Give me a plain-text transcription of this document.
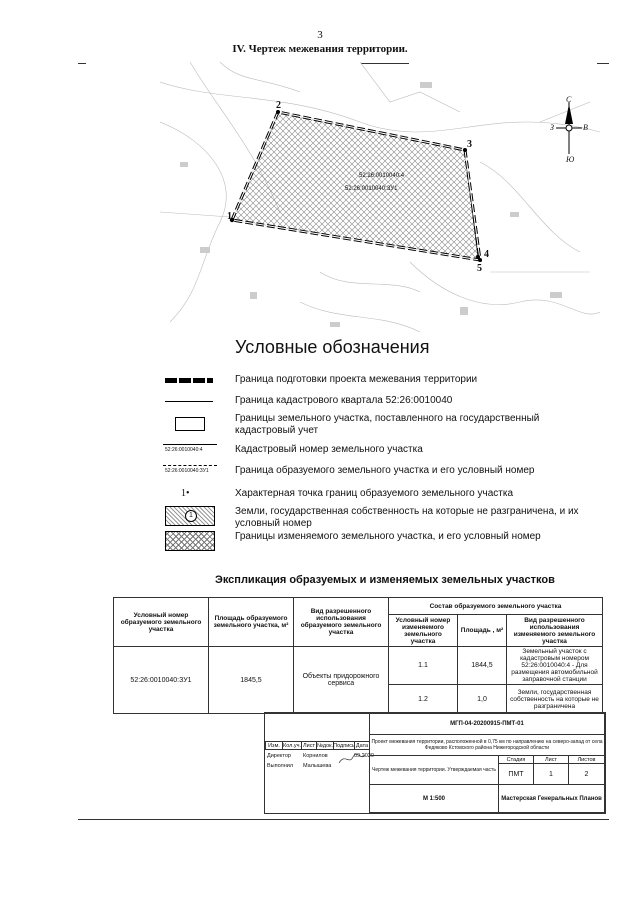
3
IV. Чертеж межевания территории.
1
2
3
4
5
52:26:0010040:4
52:26:0010040:ЗУ1
С
З	В
Ю
Условные обозначения
Граница подготовки проекта межевания территории
Граница кадастрового квартала 52:26:0010040
Границы земельного участка, поставленного на государственный кадастровый учет
52:26:0010040:4	Кадастровый номер земельного участка
52:26:0010040:ЗУ1	Граница образуемого земельного участка и его условный номер
1•	Характерная точка границ образуемого земельного участка
1	Земли, государственная собственность на которые не разграничена, и их условный номер
Границы изменяемого земельного участка, и его условный номер
Экспликация образуемых и изменяемых земельных участков
Условный номер образуемого земельного участка	Площадь образуемого земельного участка, м²	Вид разрешенного использования образуемого земельного участка	Состав образуемого земельного участка		
			Условный номер изменяемого земельного участка	Площадь , м²	Вид разрешенного использования изменяемого земельного участка
52:26:0010040:ЗУ1	1845,5	Объекты придорожного сервиса	1.1	1844,5	Земельный участок с кадастровым номером 52:26:0010040:4 - Для размещения автомобильной заправочной станции
			1.2	1,0	Земли, государственная собственность на которые не разграничена
МГП-04-20200915-ПМТ-01
Проект межевания территории, расположенной в 0,75 км по направлению на северо-запад от села Федяково Кстовского района Нижегородской области
Изм. Кол.уч. Лист №док. Подпись Дата
Директор Корнилов	09.2020
Выполнил Малышева
Чертеж межевания территории. Утверждаемая часть
Стадия	Лист	Листов
ПМТ	1	2
М 1:500	Мастерская Генеральных Планов
